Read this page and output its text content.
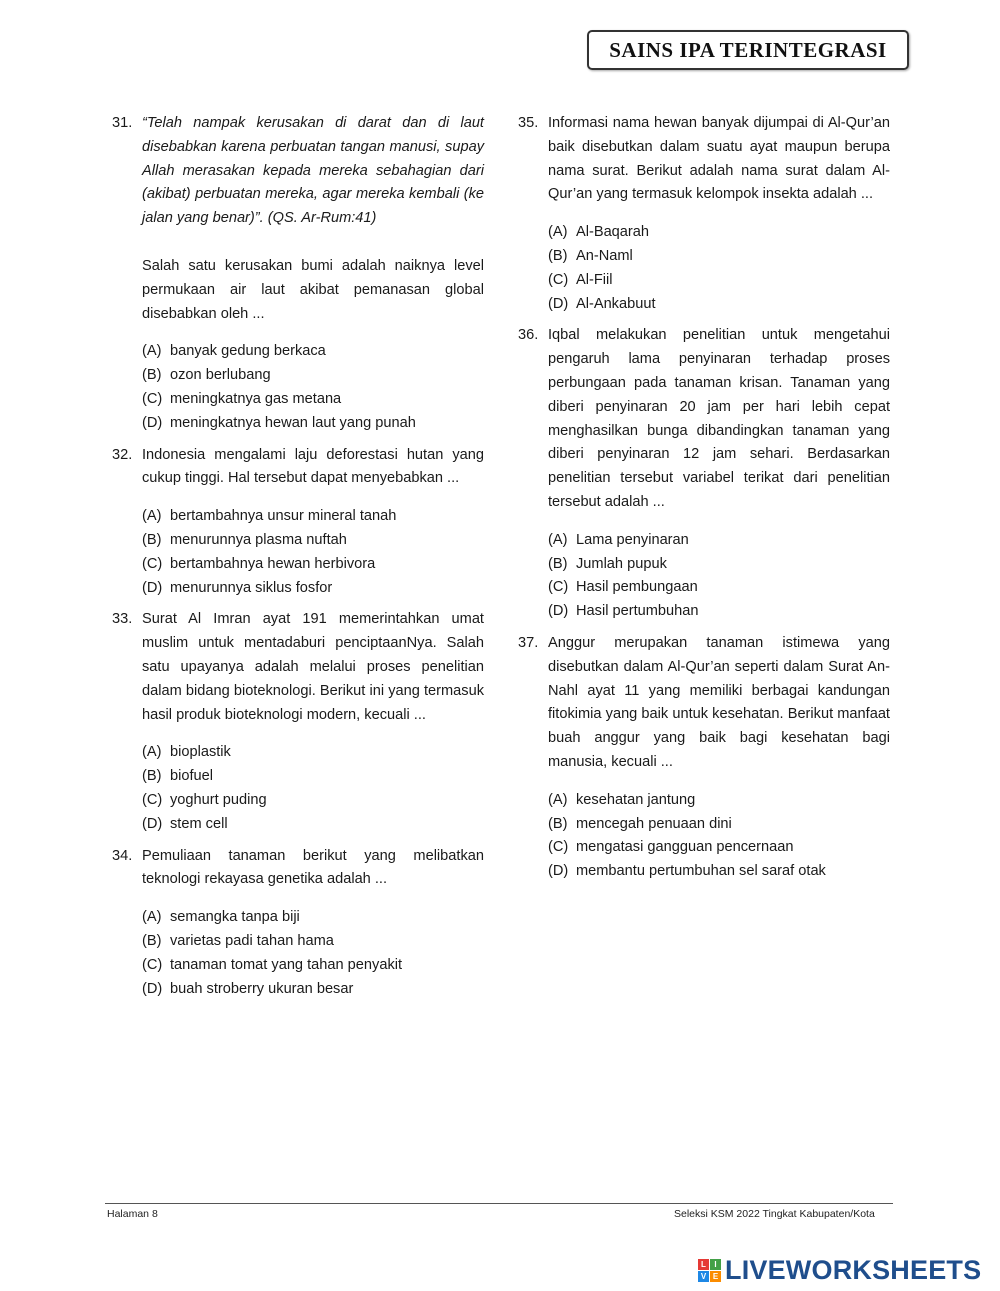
SAINS IPA TERINTEGRASI
31. “Telah nampak kerusakan di darat dan di laut disebabkan karena perbuatan tangan manusi, supay Allah merasakan kepada mereka sebahagian dari (akibat) perbuatan mereka, agar mereka kembali (ke jalan yang benar)”. (QS. Ar-Rum:41)

Salah satu kerusakan bumi adalah naiknya level permukaan air laut akibat pemanasan global disebabkan oleh ...

(A) banyak gedung berkaca
(B) ozon berlubang
(C) meningkatnya gas metana
(D) meningkatnya hewan laut yang punah
32. Indonesia mengalami laju deforestasi hutan yang cukup tinggi. Hal tersebut dapat menyebabkan ...

(A) bertambahnya unsur mineral tanah
(B) menurunnya plasma nuftah
(C) bertambahnya hewan herbivora
(D) menurunnya siklus fosfor
33. Surat Al Imran ayat 191 memerintahkan umat muslim untuk mentadaburi penciptaanNya. Salah satu upayanya adalah melalui proses penelitian dalam bidang bioteknologi. Berikut ini yang termasuk hasil produk bioteknologi modern, kecuali ...

(A) bioplastik
(B) biofuel
(C) yoghurt puding
(D) stem cell
34. Pemuliaan tanaman berikut yang melibatkan teknologi rekayasa genetika adalah ...

(A) semangka tanpa biji
(B) varietas padi tahan hama
(C) tanaman tomat yang tahan penyakit
(D) buah stroberry ukuran besar
35. Informasi nama hewan banyak dijumpai di Al-Qur’an baik disebutkan dalam suatu ayat maupun berupa nama surat. Berikut adalah nama surat dalam Al-Qur’an yang termasuk kelompok insekta adalah ...

(A) Al-Baqarah
(B) An-Naml
(C) Al-Fiil
(D) Al-Ankabuut
36. Iqbal melakukan penelitian untuk mengetahui pengaruh lama penyinaran terhadap proses perbungaan pada tanaman krisan. Tanaman yang diberi penyinaran 20 jam per hari lebih cepat menghasilkan bunga dibandingkan tanaman yang diberi penyinaran 12 jam sehari. Berdasarkan penelitian tersebut variabel terikat dari penelitian tersebut adalah ...

(A) Lama penyinaran
(B) Jumlah pupuk
(C) Hasil pembungaan
(D) Hasil pertumbuhan
37. Anggur merupakan tanaman istimewa yang disebutkan dalam Al-Qur’an seperti dalam Surat An-Nahl ayat 11 yang memiliki berbagai kandungan fitokimia yang baik untuk kesehatan. Berikut manfaat buah anggur yang baik bagi kesehatan bagi manusia, kecuali ...

(A) kesehatan jantung
(B) mencegah penuaan dini
(C) mengatasi gangguan pencernaan
(D) membantu pertumbuhan sel saraf otak
Halaman 8	Seleksi KSM 2022 Tingkat Kabupaten/Kota
L	I
V E LIVEWORKSHEETS
